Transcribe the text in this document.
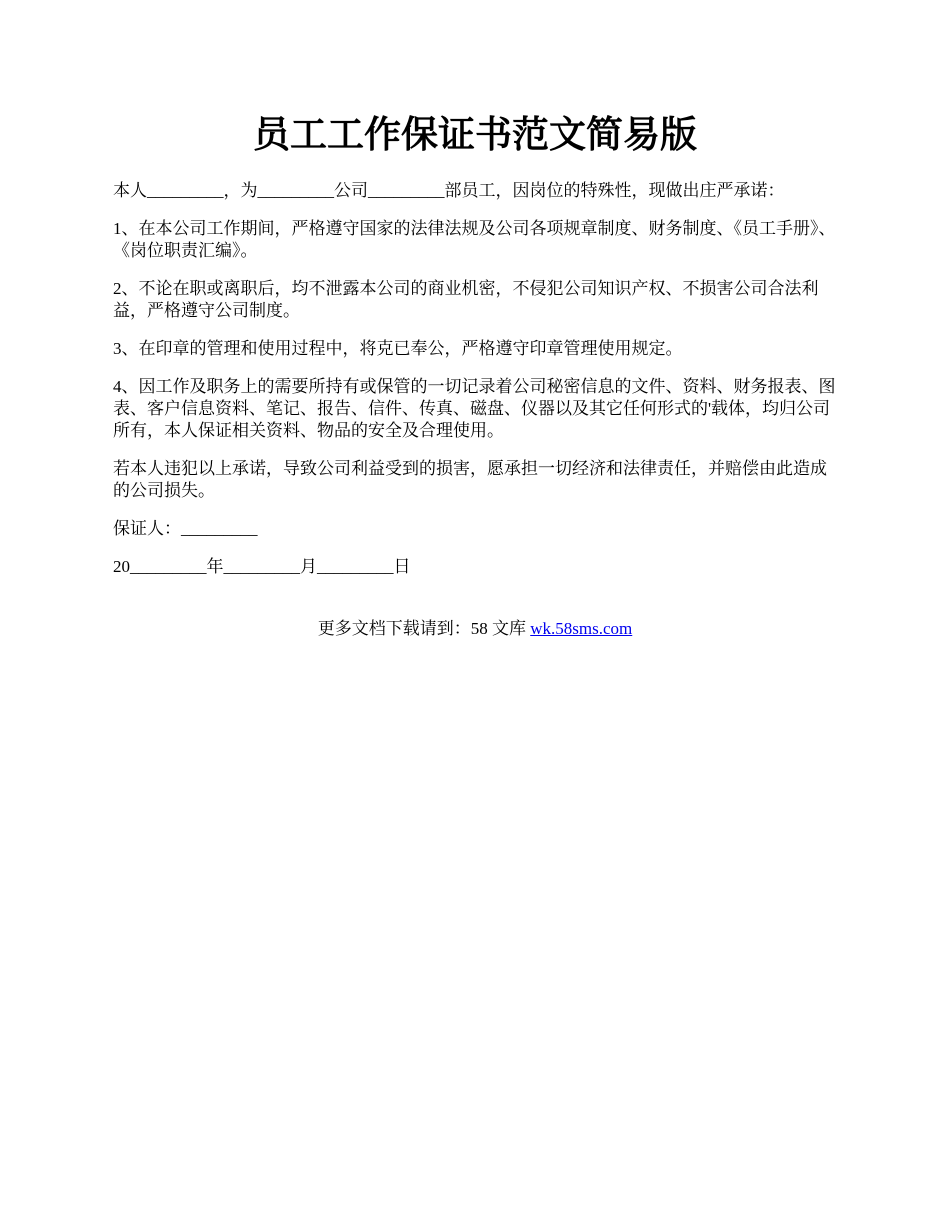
员工工作保证书范文简易版

本人_________，为_________公司_________部员工，因岗位的特殊性，现做出庄严承诺：

1、在本公司工作期间，严格遵守国家的法律法规及公司各项规章制度、财务制度、《员工手册》、《岗位职责汇编》。

2、不论在职或离职后，均不泄露本公司的商业机密，不侵犯公司知识产权、不损害公司合法利益，严格遵守公司制度。

3、在印章的管理和使用过程中，将克已奉公，严格遵守印章管理使用规定。

4、因工作及职务上的需要所持有或保管的一切记录着公司秘密信息的文件、资料、财务报表、图表、客户信息资料、笔记、报告、信件、传真、磁盘、仪器以及其它任何形式的'载体，均归公司所有，本人保证相关资料、物品的安全及合理使用。

若本人违犯以上承诺，导致公司利益受到的损害，愿承担一切经济和法律责任，并赔偿由此造成的公司损失。

保证人：_________

20_________年_________月_________日

更多文档下载请到：58 文库 wk.58sms.com
